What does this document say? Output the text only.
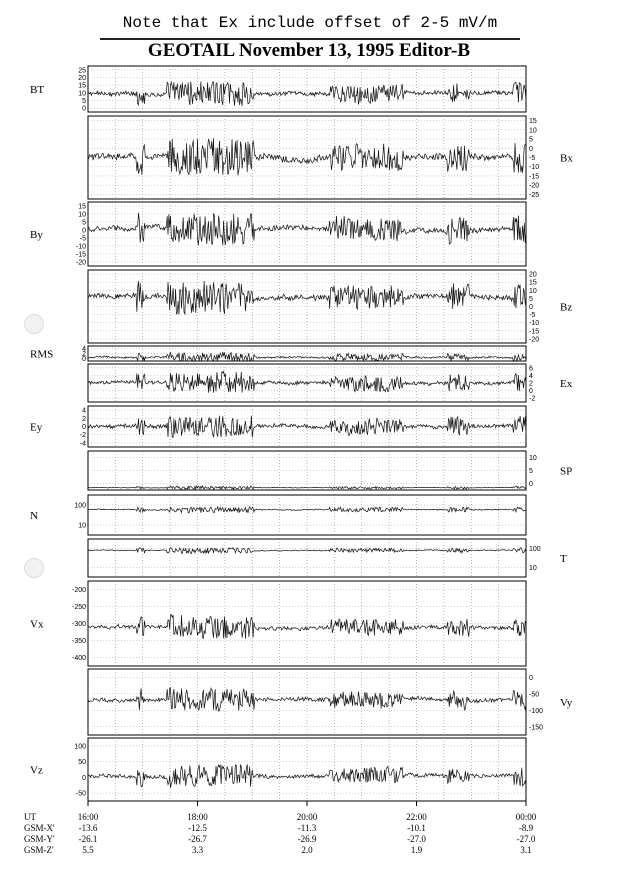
Note that Ex include offset of 2-5 mV/m
GEOTAIL November 13, 1995 Editor-B
25
20
15
10
5
0
BT
15
10
5
0
-5
-10
-15
-20
-25
Bx
15
10
5
0
-5
-10
-15
-20
By
20
15
10
5
0
-5
-10
-15
-20
Bz
4
2
0
RMS
6
4
2
0
-2
Ex
4
2
0
-2
-4
Ey
10
5
0
SP
100
10
N
100
10
T
-200
-250
-300
-350
-400
Vx
0
-50
-100
-150
Vy
100
50
0
-50
Vz
UT
GSM-X'
GSM-Y'
GSM-Z'
16:00
-13.6
-26.1
5.5
18:00
-12.5
-26.7
3.3
20:00
-11.3
-26.9
2.0
22:00
-10.1
-27.0
1.9
00:00
-8.9
-27.0
3.1
